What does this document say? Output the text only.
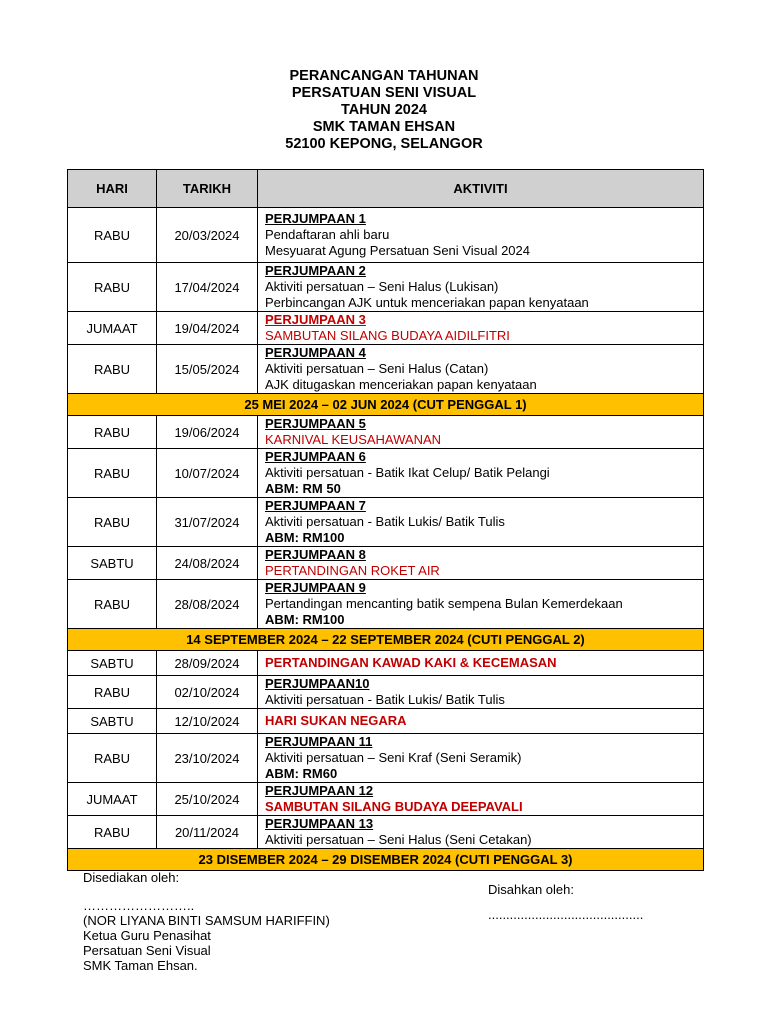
PERANCANGAN TAHUNAN
PERSATUAN SENI VISUAL
TAHUN 2024
SMK TAMAN EHSAN
52100 KEPONG, SELANGOR
HARI	TARIKH	AKTIVITI
RABU	20/03/2024	PERJUMPAAN 1
Pendaftaran ahli baru
Mesyuarat Agung Persatuan Seni Visual 2024

RABU	17/04/2024	PERJUMPAAN 2
Aktiviti persatuan – Seni Halus (Lukisan)
Perbincangan AJK untuk menceriakan papan kenyataan

JUMAAT	19/04/2024	PERJUMPAAN 3
SAMBUTAN SILANG BUDAYA AIDILFITRI

RABU	15/05/2024	PERJUMPAAN 4
Aktiviti persatuan – Seni Halus (Catan)
AJK ditugaskan menceriakan papan kenyataan

25 MEI 2024 – 02 JUN 2024 (CUT PENGGAL 1)		
RABU	19/06/2024	PERJUMPAAN 5
KARNIVAL KEUSAHAWANAN

RABU	10/07/2024	PERJUMPAAN 6
Aktiviti persatuan - Batik Ikat Celup/ Batik Pelangi
ABM: RM 50

RABU	31/07/2024	PERJUMPAAN 7
Aktiviti persatuan - Batik Lukis/ Batik Tulis
ABM: RM100

SABTU	24/08/2024	PERJUMPAAN 8
PERTANDINGAN ROKET AIR

RABU	28/08/2024	PERJUMPAAN 9
Pertandingan mencanting batik sempena Bulan Kemerdekaan
ABM: RM100

14 SEPTEMBER 2024 – 22 SEPTEMBER 2024 (CUTI PENGGAL 2)		
SABTU	28/09/2024	PERTANDINGAN KAWAD KAKI & KECEMASAN

RABU	02/10/2024	PERJUMPAAN10
Aktiviti persatuan - Batik Lukis/ Batik Tulis

SABTU	12/10/2024	HARI SUKAN NEGARA

RABU	23/10/2024	PERJUMPAAN 11
Aktiviti persatuan – Seni Kraf (Seni Seramik)
ABM: RM60

JUMAAT	25/10/2024	PERJUMPAAN 12
SAMBUTAN SILANG BUDAYA DEEPAVALI

RABU	20/11/2024	PERJUMPAAN 13
Aktiviti persatuan – Seni Halus (Seni Cetakan)

23 DISEMBER 2024 – 29 DISEMBER 2024 (CUTI PENGGAL 3)		
Disediakan oleh:
……………………..
(NOR LIYANA BINTI SAMSUM HARIFFIN)
Ketua Guru Penasihat
Persatuan Seni Visual
SMK Taman Ehsan.
Disahkan oleh:
...........................................
